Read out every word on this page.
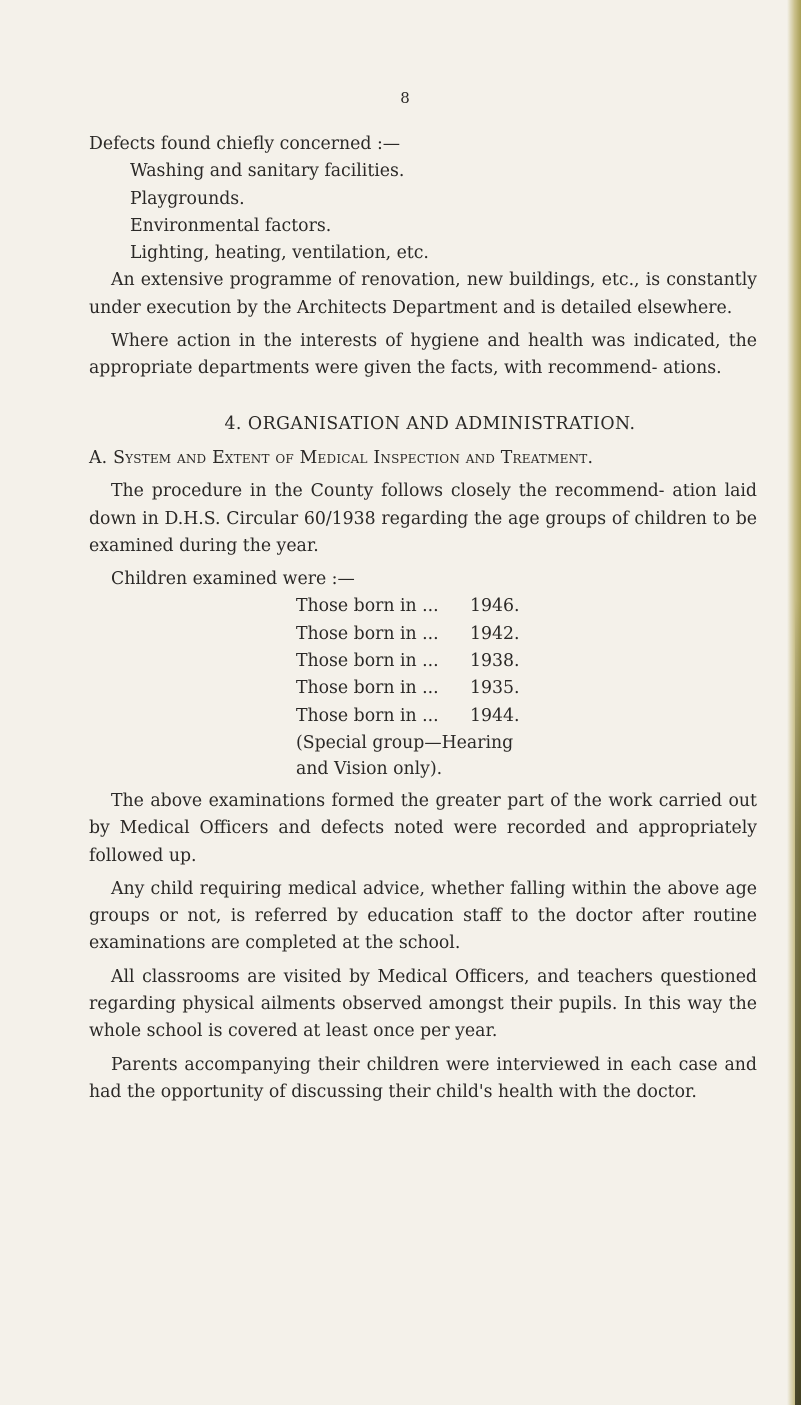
8
Defects found chiefly concerned :—
Washing and sanitary facilities.
Playgrounds.
Environmental factors.
Lighting, heating, ventilation, etc.

An extensive programme of renovation, new buildings, etc., is constantly under execution by the Architects Department and is detailed elsewhere.

Where action in the interests of hygiene and health was indicated, the appropriate departments were given the facts, with recommend- ations.

4. ORGANISATION AND ADMINISTRATION.
A. System and Extent of Medical Inspection and Treatment.

The procedure in the County follows closely the recommend- ation laid down in D.H.S. Circular 60/1938 regarding the age groups of children to be examined during the year.

Children examined were :—
Those born in ... 1946.
Those born in ... 1942.
Those born in ... 1938.
Those born in ... 1935.
Those born in ... 1944.
(Special group—Hearing
and Vision only).

The above examinations formed the greater part of the work carried out by Medical Officers and defects noted were recorded and appropriately followed up.

Any child requiring medical advice, whether falling within the above age groups or not, is referred by education staff to the doctor after routine examinations are completed at the school.

All classrooms are visited by Medical Officers, and teachers questioned regarding physical ailments observed amongst their pupils. In this way the whole school is covered at least once per year.

Parents accompanying their children were interviewed in each case and had the opportunity of discussing their child's health with the doctor.
